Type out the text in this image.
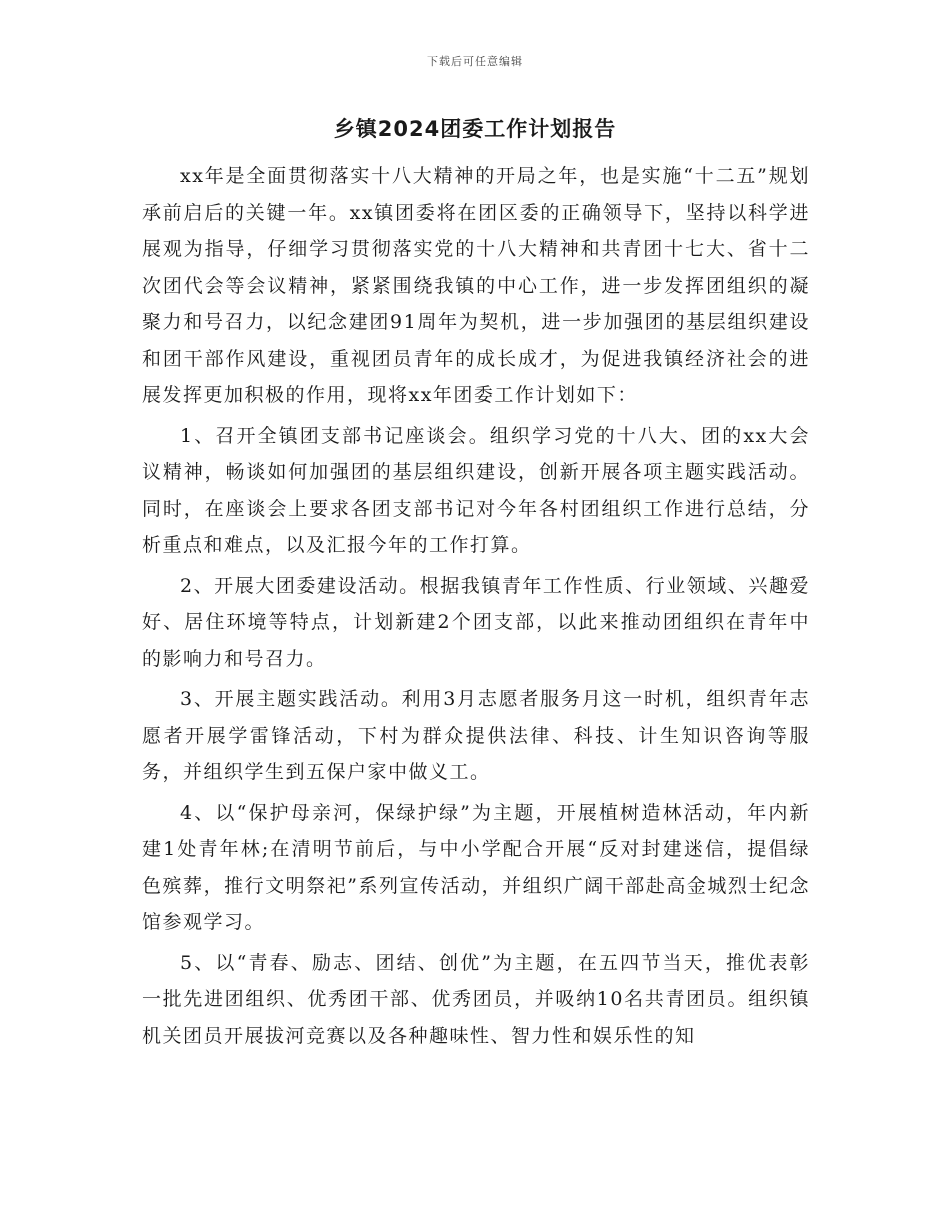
下载后可任意编辑
乡镇2024团委工作计划报告

xx年是全面贯彻落实十八大精神的开局之年，也是实施“十二五”规划承前启后的关键一年。xx镇团委将在团区委的正确领导下，坚持以科学进展观为指导，仔细学习贯彻落实党的十八大精神和共青团十七大、省十二次团代会等会议精神，紧紧围绕我镇的中心工作，进一步发挥团组织的凝聚力和号召力，以纪念建团91周年为契机，进一步加强团的基层组织建设和团干部作风建设，重视团员青年的成长成才，为促进我镇经济社会的进展发挥更加积极的作用，现将xx年团委工作计划如下：

1、召开全镇团支部书记座谈会。组织学习党的十八大、团的xx大会议精神，畅谈如何加强团的基层组织建设，创新开展各项主题实践活动。同时，在座谈会上要求各团支部书记对今年各村团组织工作进行总结，分析重点和难点，以及汇报今年的工作打算。

2、开展大团委建设活动。根据我镇青年工作性质、行业领域、兴趣爱好、居住环境等特点，计划新建2个团支部，以此来推动团组织在青年中的影响力和号召力。

3、开展主题实践活动。利用3月志愿者服务月这一时机，组织青年志愿者开展学雷锋活动，下村为群众提供法律、科技、计生知识咨询等服务，并组织学生到五保户家中做义工。

4、以“保护母亲河，保绿护绿”为主题，开展植树造林活动，年内新建1处青年林;在清明节前后，与中小学配合开展“反对封建迷信，提倡绿色殡葬，推行文明祭祀”系列宣传活动，并组织广阔干部赴高金城烈士纪念馆参观学习。

5、以“青春、励志、团结、创优”为主题，在五四节当天，推优表彰一批先进团组织、优秀团干部、优秀团员，并吸纳10名共青团员。组织镇机关团员开展拔河竞赛以及各种趣味性、智力性和娱乐性的知
